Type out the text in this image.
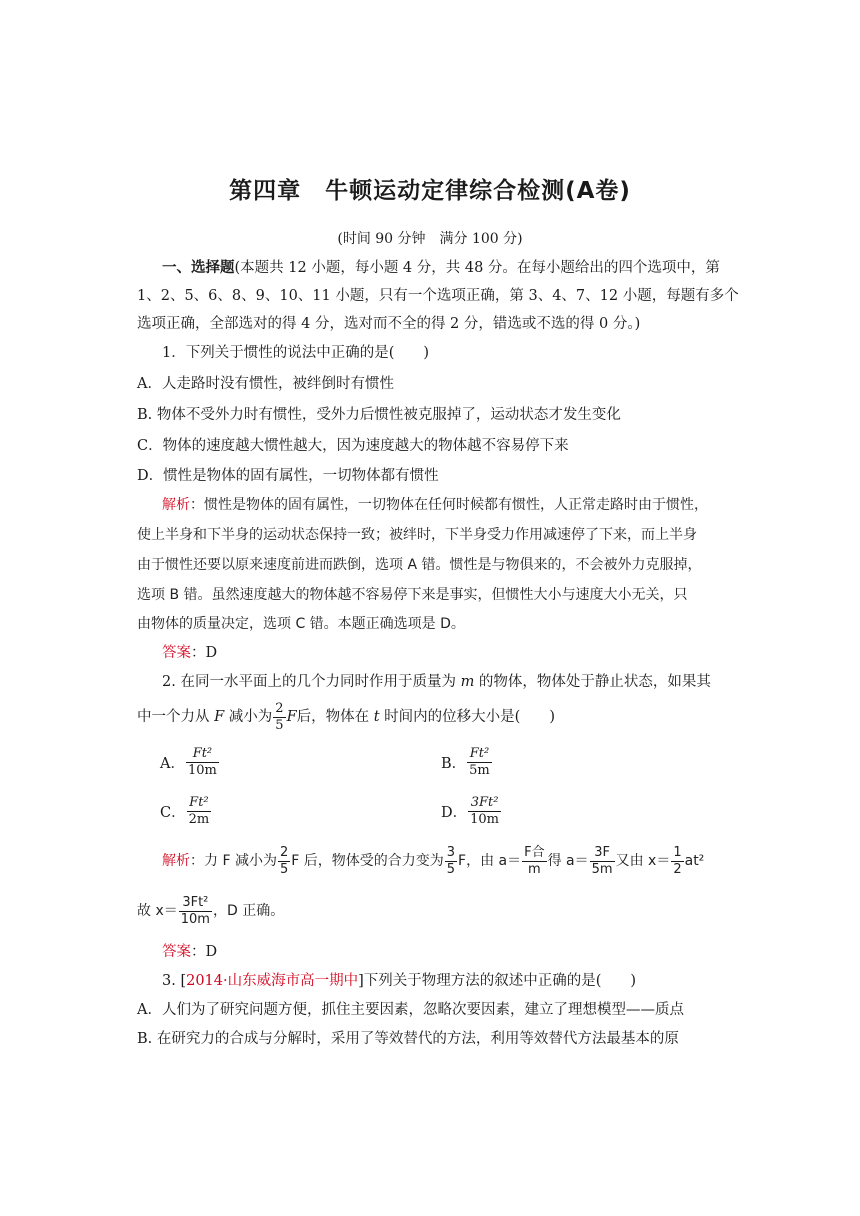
第四章　牛顿运动定律综合检测(A卷)
(时间 90 分钟　满分 100 分)
一、选择题(本题共 12 小题，每小题 4 分，共 48 分。在每小题给出的四个选项中，第
1、2、5、6、8、9、10、11 小题，只有一个选项正确，第 3、4、7、12 小题，每题有多个
选项正确，全部选对的得 4 分，选对而不全的得 2 分，错选或不选的得 0 分。)
1．下列关于惯性的说法中正确的是(　　)
A．人走路时没有惯性，被绊倒时有惯性
B. 物体不受外力时有惯性，受外力后惯性被克服掉了，运动状态才发生变化
C．物体的速度越大惯性越大，因为速度越大的物体越不容易停下来
D．惯性是物体的固有属性，一切物体都有惯性
解析：惯性是物体的固有属性，一切物体在任何时候都有惯性，人正常走路时由于惯性，
使上半身和下半身的运动状态保持一致；被绊时，下半身受力作用减速停了下来，而上半身
由于惯性还要以原来速度前进而跌倒，选项 A 错。惯性是与物俱来的，不会被外力克服掉，
选项 B 错。虽然速度越大的物体越不容易停下来是事实，但惯性大小与速度大小无关，只
由物体的质量决定，选项 C 错。本题正确选项是 D。
答案：D
2. 在同一水平面上的几个力同时作用于质量为 m 的物体，物体处于静止状态，如果其
中一个力从 F 减小为 $\frac{2}{5}$ F后，物体在 t 时间内的位移大小是(　　)
A． $\frac{\text{Ft²}}{10m}$	B． $\frac{\text{Ft²}}{5m}$
C． $\frac{\text{Ft²}}{2m}$	D． $\frac{\text{3Ft²}}{10m}$
解析：力 F 减小为 $\frac{2}{5}$ F 后，物体受的合力变为 $\frac{3}{5}$ F，由 $a= \frac{\text{F合}}{m}$ 得 $a= \frac{3F}{5m}$ 又由 $x= \frac{1}{2} at^2$
故 $x= \frac{\text{3Ft²}}{10m}$ ，D 正确。
答案：D
3. [2014·山东威海市高一期中]下列关于物理方法的叙述中正确的是(　　)
A．人们为了研究问题方便，抓住主要因素，忽略次要因素，建立了理想模型——质点
B. 在研究力的合成与分解时，采用了等效替代的方法，利用等效替代方法最基本的原
